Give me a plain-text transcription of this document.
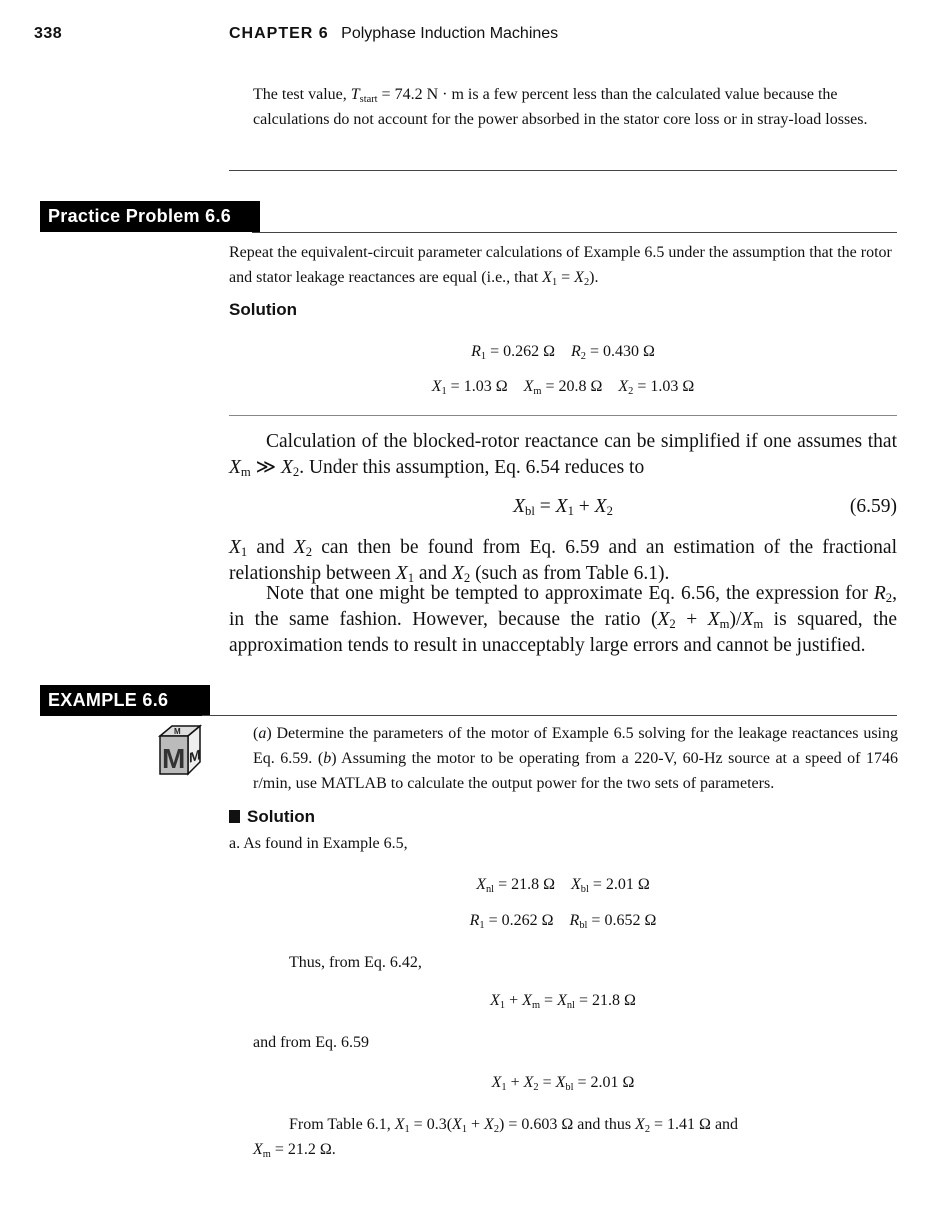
338	CHAPTER 6 Polyphase Induction Machines
The test value, $T_{start} = 74.2$ N · m is a few percent less than the calculated value because the calculations do not account for the power absorbed in the stator core loss or in stray-load losses.
Practice Problem 6.6
Repeat the equivalent-circuit parameter calculations of Example 6.5 under the assumption that the rotor and stator leakage reactances are equal (i.e., that $X_1 = X_2$).
Solution
$R_1 = 0.262$ Ω $R_2 = 0.430$ Ω
$X_1 = 1.03$ Ω $X_m = 20.8$ Ω $X_2 = 1.03$ Ω
Calculation of the blocked-rotor reactance can be simplified if one assumes that $X_m$ ≫ $X_2$. Under this assumption, Eq. 6.54 reduces to
$X_{bl} = X_1 + X_2$	(6.59)
$X_1$ and $X_2$ can then be found from Eq. 6.59 and an estimation of the fractional relationship between $X_1$ and $X_2$ (such as from Table 6.1).
Note that one might be tempted to approximate Eq. 6.56, the expression for $R_2$, in the same fashion. However, because the ratio $(X_2 + X_m)/X_m$ is squared, the approximation tends to result in unacceptably large errors and cannot be justified.
EXAMPLE 6.6
M M
M	(a) Determine the parameters of the motor of Example 6.5 solving for the leakage reactances using Eq. 6.59. (b) Assuming the motor to be operating from a 220-V, 60-Hz source at a speed of 1746 r/min, use MATLAB to calculate the output power for the two sets of parameters.
Solution
a. As found in Example 6.5,
$X_{nl} = 21.8$ Ω $X_{bl} = 2.01$ Ω
$R_1 = 0.262$ Ω $R_{bl} = 0.652$ Ω
Thus, from Eq. 6.42,
$X_1 + X_m = X_{nl} = 21.8$ Ω
and from Eq. 6.59
$X_1 + X_2 = X_{bl} = 2.01$ Ω
From Table 6.1, $X_1 = 0.3(X_1 + X_2) = 0.603$ Ω and thus $X_2 = 1.41$ Ω and
$X_m = 21.2$ Ω.
